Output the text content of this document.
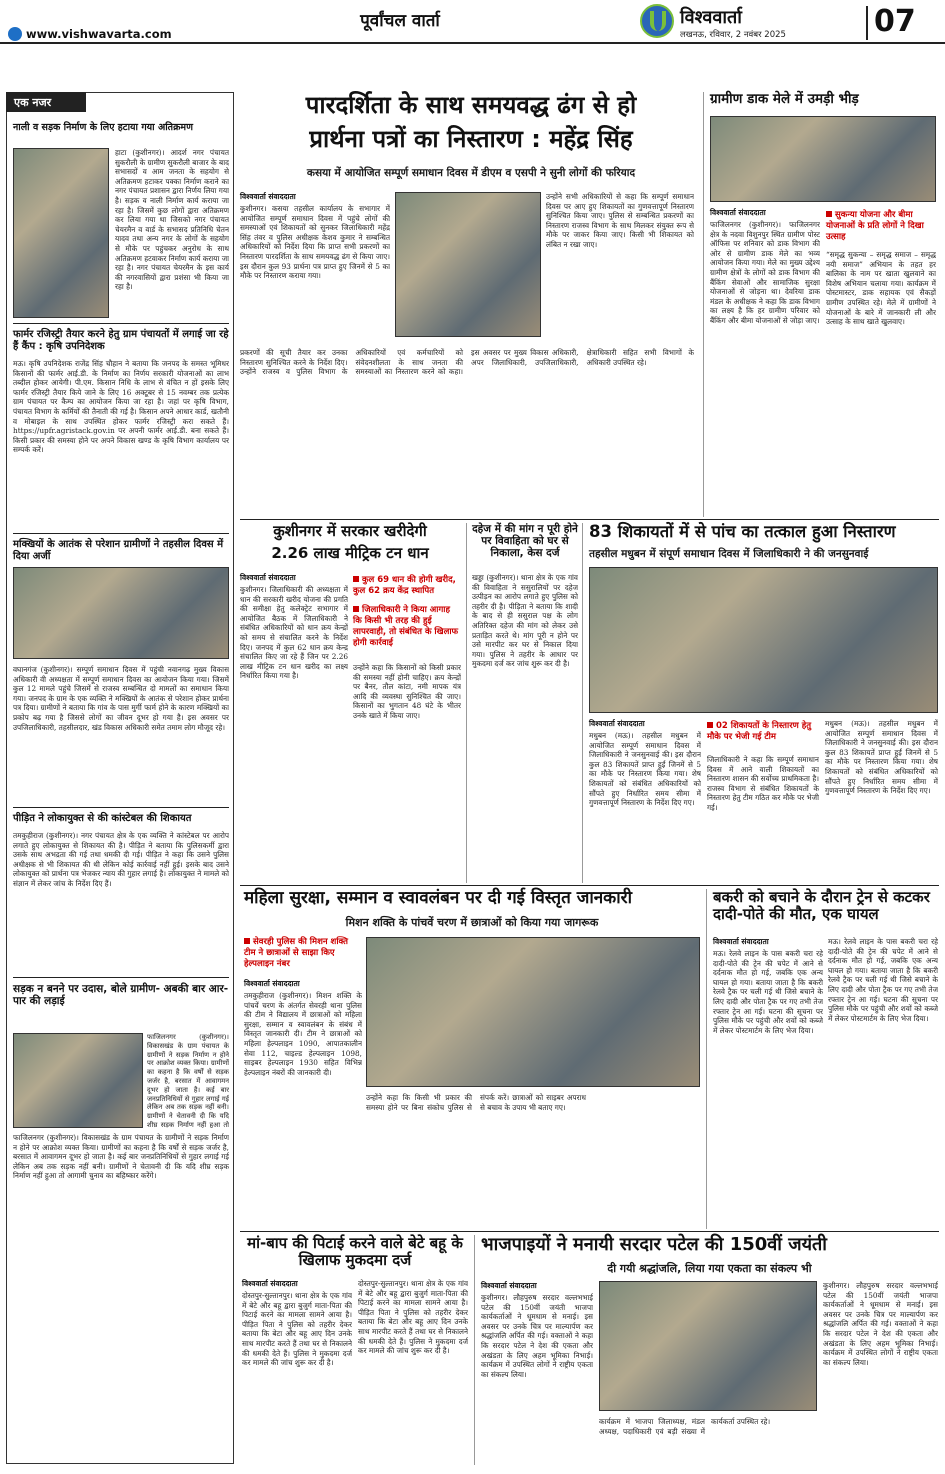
पूर्वांचल वार्ता
www.vishwavarta.com
विश्ववार्ता
लखनऊ, रविवार, 2 नवंबर 2025	07
एक नजर
नाली व सड़क निर्माण के लिए हटाया गया अतिक्रमण
हाटा (कुशीनगर)। आदर्श नगर पंचायत सुकरौली के ग्रामीण सुकरौली बाजार के बाद सभासदों व आम जनता के सहयोग से अतिक्रमण हटाकर पक्का निर्माण कराने का नगर पंचायत प्रशासन द्वारा निर्णय लिया गया है। सड़क व नाली निर्माण कार्य कराया जा रहा है। जिसमें कुछ लोगों द्वारा अतिक्रमण कर लिया गया था जिसको नगर पंचायत चेयरमैन व वार्ड के सभासद प्रतिनिधि चेतन यादव तथा अन्य नगर के लोगों के सहयोग से मौके पर पहुंचकर अनुरोध के साथ अतिक्रमण हटवाकर निर्माण कार्य कराया जा रहा है। नगर पंचायत चेयरमैन के इस कार्य की नगरवासियों द्वारा प्रशंसा भी किया जा रहा है।
फार्मर रजिस्ट्री तैयार करने हेतु ग्राम पंचायतों में लगाई जा रहे हैं कैंप : कृषि उपनिदेशक
मऊ। कृषि उपनिदेशक राजेंद्र सिंह चौहान ने बताया कि जनपद के समस्त भूमिधर किसानों की फार्मर आई.डी. के निर्माण का निर्णय सरकारी योजनाओं का लाभ तब्दील होकर आयेगी। पी.एम. किसान निधि के लाभ से वंचित न हों इसके लिए फार्मर रजिस्ट्री तैयार किये जाने के लिए 16 अक्टूबर से 15 नवम्बर तक प्रत्येक ग्राम पंचायत पर कैम्प का आयोजन किया जा रहा है। जहां पर कृषि विभाग, पंचायत विभाग के कर्मियों की तैनाती की गई है। किसान अपने आधार कार्ड, खतौनी व मोबाइल के साथ उपस्थित होकर फार्मर रजिस्ट्री करा सकते हैं। https://upfr.agristack.gov.in पर अपनी फार्मर आई.डी. बना सकते हैं। किसी प्रकार की समस्या होने पर अपने विकास खण्ड के कृषि विभाग कार्यालय पर सम्पर्क करें।
मक्खियों के आतंक से परेशान ग्रामीणों ने तहसील दिवस में दिया अर्जी
वघानगंज (कुशीनगर)। सम्पूर्ण समाधान दिवस में पहुंची नवानगढ़ मुख्य विकास अधिकारी वी अध्यक्षता में सम्पूर्ण समाधान दिवस का आयोजन किया गया। जिसमें कुल 12 मामले पहुंचे जिसमें से राजस्व सम्बन्धित दो मामलों का समाधान किया गया। जनपद के ग्राम के एक व्यक्ति ने मक्खियों के आतंक से परेशान होकर प्रार्थना पत्र दिया। ग्रामीणों ने बताया कि गांव के पास मुर्गी फार्म होने के कारण मक्खियों का प्रकोप बढ़ गया है जिससे लोगों का जीवन दूभर हो गया है। इस अवसर पर उपजिलाधिकारी, तहसीलदार, खंड विकास अधिकारी समेत तमाम लोग मौजूद रहे।
पीड़ित ने लोकायुक्त से की कांस्टेबल की शिकायत
तमकुहीराज (कुशीनगर)। नगर पंचायत क्षेत्र के एक व्यक्ति ने कांस्टेबल पर आरोप लगाते हुए लोकायुक्त से शिकायत की है। पीड़ित ने बताया कि पुलिसकर्मी द्वारा उसके साथ अभद्रता की गई तथा धमकी दी गई। पीड़ित ने कहा कि उसने पुलिस अधीक्षक से भी शिकायत की थी लेकिन कोई कार्रवाई नहीं हुई। इसके बाद उसने लोकायुक्त को प्रार्थना पत्र भेजकर न्याय की गुहार लगाई है। लोकायुक्त ने मामले को संज्ञान में लेकर जांच के निर्देश दिए हैं।
सड़क न बनने पर उदास, बोले ग्रामीण- अबकी बार आर-पार की लड़ाई
फाजिलनगर (कुशीनगर)। विकासखंड के ग्राम पंचायत के ग्रामीणों ने सड़क निर्माण न होने पर आक्रोश व्यक्त किया। ग्रामीणों का कहना है कि वर्षों से सड़क जर्जर है, बरसात में आवागमन दूभर हो जाता है। कई बार जनप्रतिनिधियों से गुहार लगाई गई लेकिन अब तक सड़क नहीं बनी। ग्रामीणों ने चेतावनी दी कि यदि शीघ्र सड़क निर्माण नहीं हुआ तो
फाजिलनगर (कुशीनगर)। विकासखंड के ग्राम पंचायत के ग्रामीणों ने सड़क निर्माण न होने पर आक्रोश व्यक्त किया। ग्रामीणों का कहना है कि वर्षों से सड़क जर्जर है, बरसात में आवागमन दूभर हो जाता है। कई बार जनप्रतिनिधियों से गुहार लगाई गई लेकिन अब तक सड़क नहीं बनी। ग्रामीणों ने चेतावनी दी कि यदि शीघ्र सड़क निर्माण नहीं हुआ तो आगामी चुनाव का बहिष्कार करेंगे।
पारदर्शिता के साथ समयवद्ध ढंग से हो
प्रार्थना पत्रों का निस्तारण : महेंद्र सिंह
कसया में आयोजित सम्पूर्ण समाधान दिवस में डीएम व एसपी ने सुनी लोगों की फरियाद
विश्ववार्ता संवाददाता
कुशीनगर। कसया तहसील कार्यालय के सभागार में आयोजित सम्पूर्ण समाधान दिवस में पहुंचे लोगों की समस्याओं एवं शिकायतों को सुनकर जिलाधिकारी महेंद्र सिंह तंवर व पुलिस अधीक्षक केशव कुमार ने सम्बन्धित अधिकारियों को निर्देश दिया कि प्राप्त सभी प्रकरणों का निस्तारण पारदर्शिता के साथ समयवद्ध ढंग से किया जाए। इस दौरान कुल 93 प्रार्थना पत्र प्राप्त हुए जिनमें से 5 का मौके पर निस्तारण कराया गया।
उन्होंने सभी अधिकारियों से कहा कि सम्पूर्ण समाधान दिवस पर आए हुए शिकायतों का गुणवत्तापूर्ण निस्तारण सुनिश्चित किया जाए। पुलिस से सम्बन्धित प्रकरणों का निस्तारण राजस्व विभाग के साथ मिलकर संयुक्त रूप से मौके पर जाकर किया जाए। किसी भी शिकायत को लंबित न रखा जाए।
प्रकरणों की सूची तैयार कर उनका निस्तारण सुनिश्चित करने के निर्देश दिए। उन्होंने राजस्व व पुलिस विभाग के अधिकारियों एवं कर्मचारियों को संवेदनशीलता के साथ जनता की समस्याओं का निस्तारण करने को कहा। इस अवसर पर मुख्य विकास अधिकारी, अपर जिलाधिकारी, उपजिलाधिकारी, क्षेत्राधिकारी सहित सभी विभागों के अधिकारी उपस्थित रहे।
ग्रामीण डाक मेले में उमड़ी भीड़
विश्ववार्ता संवाददाता
फाजिलनगर (कुशीनगर)। फाजिलनगर क्षेत्र के नदवा विशुनपुर स्थित ग्रामीण पोस्ट ऑफिस पर शनिवार को डाक विभाग की ओर से ग्रामीण डाक मेले का भव्य आयोजन किया गया। मेले का मुख्य उद्देश्य ग्रामीण क्षेत्रों के लोगों को डाक विभाग की बैंकिंग सेवाओं और सामाजिक सुरक्षा योजनाओं से जोड़ना था। देवरिया डाक मंडल के अधीक्षक ने कहा कि डाक विभाग का लक्ष्य है कि हर ग्रामीण परिवार को बैंकिंग और बीमा योजनाओं से जोड़ा जाए।
सुकन्या योजना और बीमा योजनाओं के प्रति लोगों ने दिखा उत्साह
“समृद्ध सुकन्या – समृद्ध समाज – समृद्ध नयी समाज” अभियान के तहत हर बालिका के नाम पर खाता खुलवाने का विशेष अभियान चलाया गया। कार्यक्रम में पोस्टमास्टर, डाक सहायक एवं सैकड़ों ग्रामीण उपस्थित रहे। मेले में ग्रामीणों ने योजनाओं के बारे में जानकारी ली और उत्साह के साथ खाते खुलवाए।
कुशीनगर में सरकार खरीदेगी
2.26 लाख मीट्रिक टन धान
विश्ववार्ता संवाददाता
कुशीनगर। जिलाधिकारी की अध्यक्षता में धान की सरकारी खरीद योजना की प्रगति की समीक्षा हेतु कलेक्ट्रेट सभागार में आयोजित बैठक में जिलाधिकारी ने संबंधित अधिकारियों को धान क्रय केन्द्रों को समय से संचालित करने के निर्देश दिए। जनपद में कुल 62 धान क्रय केन्द्र संचालित किए जा रहे हैं जिन पर 2.26 लाख मीट्रिक टन धान खरीद का लक्ष्य निर्धारित किया गया है।
कुल 69 धान की होगी खरीद, कुल 62 क्रय केंद्र स्थापित
जिलाधिकारी ने किया आगाह कि किसी भी तरह की हुई लापरवाही, तो संबंधित के खिलाफ होगी कार्रवाई
उन्होंने कहा कि किसानों को किसी प्रकार की समस्या नहीं होनी चाहिए। क्रय केन्द्रों पर बैनर, तौल कांटा, नमी मापक यंत्र आदि की व्यवस्था सुनिश्चित की जाए। किसानों का भुगतान 48 घंटे के भीतर उनके खाते में किया जाए।
दहेज में की मांग न पूरी होने पर विवाहिता को घर से निकाला, केस दर्ज
खड्डा (कुशीनगर)। थाना क्षेत्र के एक गांव की विवाहिता ने ससुरालियों पर दहेज उत्पीड़न का आरोप लगाते हुए पुलिस को तहरीर दी है। पीड़िता ने बताया कि शादी के बाद से ही ससुराल पक्ष के लोग अतिरिक्त दहेज की मांग को लेकर उसे प्रताड़ित करते थे। मांग पूरी न होने पर उसे मारपीट कर घर से निकाल दिया गया। पुलिस ने तहरीर के आधार पर मुकदमा दर्ज कर जांच शुरू कर दी है।
83 शिकायतों में से पांच का तत्काल हुआ निस्तारण
तहसील मधुबन में संपूर्ण समाधान दिवस में जिलाधिकारी ने की जनसुनवाई
विश्ववार्ता संवाददाता
मधुबन (मऊ)। तहसील मधुबन में आयोजित सम्पूर्ण समाधान दिवस में जिलाधिकारी ने जनसुनवाई की। इस दौरान कुल 83 शिकायतें प्राप्त हुईं जिनमें से 5 का मौके पर निस्तारण किया गया। शेष शिकायतों को संबंधित अधिकारियों को सौंपते हुए निर्धारित समय सीमा में गुणवत्तापूर्ण निस्तारण के निर्देश दिए गए।
02 शिकायतों के निस्तारण हेतु मौके पर भेजी गई टीम
जिलाधिकारी ने कहा कि सम्पूर्ण समाधान दिवस में आने वाली शिकायतों का निस्तारण शासन की सर्वोच्च प्राथमिकता है। राजस्व विभाग से संबंधित शिकायतों के निस्तारण हेतु टीम गठित कर मौके पर भेजी गई।
मधुबन (मऊ)। तहसील मधुबन में आयोजित सम्पूर्ण समाधान दिवस में जिलाधिकारी ने जनसुनवाई की। इस दौरान कुल 83 शिकायतें प्राप्त हुईं जिनमें से 5 का मौके पर निस्तारण किया गया। शेष शिकायतों को संबंधित अधिकारियों को सौंपते हुए निर्धारित समय सीमा में गुणवत्तापूर्ण निस्तारण के निर्देश दिए गए।
महिला सुरक्षा, सम्मान व स्वावलंबन पर दी गई विस्तृत जानकारी
मिशन शक्ति के पांचवें चरण में छात्राओं को किया गया जागरूक
सेवरही पुलिस की मिशन शक्ति टीम ने छात्राओं से साझा किए हेल्पलाइन नंबर
विश्ववार्ता संवाददाता
तमकुहीराज (कुशीनगर)। मिशन शक्ति के पांचवें चरण के अंतर्गत सेवरही थाना पुलिस की टीम ने विद्यालय में छात्राओं को महिला सुरक्षा, सम्मान व स्वावलंबन के संबंध में विस्तृत जानकारी दी। टीम ने छात्राओं को महिला हेल्पलाइन 1090, आपातकालीन सेवा 112, चाइल्ड हेल्पलाइन 1098, साइबर हेल्पलाइन 1930 सहित विभिन्न हेल्पलाइन नंबरों की जानकारी दी।
उन्होंने कहा कि किसी भी प्रकार की समस्या होने पर बिना संकोच पुलिस से संपर्क करें। छात्राओं को साइबर अपराध से बचाव के उपाय भी बताए गए।
बकरी को बचाने के दौरान ट्रेन से कटकर दादी-पोते की मौत, एक घायल
विश्ववार्ता संवाददाता
मऊ। रेलवे लाइन के पास बकरी चरा रहे दादी-पोते की ट्रेन की चपेट में आने से दर्दनाक मौत हो गई, जबकि एक अन्य घायल हो गया। बताया जाता है कि बकरी रेलवे ट्रैक पर चली गई थी जिसे बचाने के लिए दादी और पोता ट्रैक पर गए तभी तेज रफ्तार ट्रेन आ गई। घटना की सूचना पर पुलिस मौके पर पहुंची और शवों को कब्जे में लेकर पोस्टमार्टम के लिए भेज दिया।
मऊ। रेलवे लाइन के पास बकरी चरा रहे दादी-पोते की ट्रेन की चपेट में आने से दर्दनाक मौत हो गई, जबकि एक अन्य घायल हो गया। बताया जाता है कि बकरी रेलवे ट्रैक पर चली गई थी जिसे बचाने के लिए दादी और पोता ट्रैक पर गए तभी तेज रफ्तार ट्रेन आ गई। घटना की सूचना पर पुलिस मौके पर पहुंची और शवों को कब्जे में लेकर पोस्टमार्टम के लिए भेज दिया।
मां-बाप की पिटाई करने वाले बेटे बहू के खिलाफ मुकदमा दर्ज
विश्ववार्ता संवाददाता
दोस्तपुर-सुल्तानपुर। थाना क्षेत्र के एक गांव में बेटे और बहू द्वारा बुजुर्ग माता-पिता की पिटाई करने का मामला सामने आया है। पीड़ित पिता ने पुलिस को तहरीर देकर बताया कि बेटा और बहू आए दिन उनके साथ मारपीट करते हैं तथा घर से निकालने की धमकी देते हैं। पुलिस ने मुकदमा दर्ज कर मामले की जांच शुरू कर दी है।
दोस्तपुर-सुल्तानपुर। थाना क्षेत्र के एक गांव में बेटे और बहू द्वारा बुजुर्ग माता-पिता की पिटाई करने का मामला सामने आया है। पीड़ित पिता ने पुलिस को तहरीर देकर बताया कि बेटा और बहू आए दिन उनके साथ मारपीट करते हैं तथा घर से निकालने की धमकी देते हैं। पुलिस ने मुकदमा दर्ज कर मामले की जांच शुरू कर दी है।
भाजपाइयों ने मनायी सरदार पटेल की 150वीं जयंती
दी गयी श्रद्धांजलि, लिया गया एकता का संकल्प भी
विश्ववार्ता संवाददाता
कुशीनगर। लौहपुरुष सरदार वल्लभभाई पटेल की 150वीं जयंती भाजपा कार्यकर्ताओं ने धूमधाम से मनाई। इस अवसर पर उनके चित्र पर माल्यार्पण कर श्रद्धांजलि अर्पित की गई। वक्ताओं ने कहा कि सरदार पटेल ने देश की एकता और अखंडता के लिए अहम भूमिका निभाई। कार्यक्रम में उपस्थित लोगों ने राष्ट्रीय एकता का संकल्प लिया।
कार्यक्रम में भाजपा जिलाध्यक्ष, मंडल अध्यक्ष, पदाधिकारी एवं बड़ी संख्या में कार्यकर्ता उपस्थित रहे।
कुशीनगर। लौहपुरुष सरदार वल्लभभाई पटेल की 150वीं जयंती भाजपा कार्यकर्ताओं ने धूमधाम से मनाई। इस अवसर पर उनके चित्र पर माल्यार्पण कर श्रद्धांजलि अर्पित की गई। वक्ताओं ने कहा कि सरदार पटेल ने देश की एकता और अखंडता के लिए अहम भूमिका निभाई। कार्यक्रम में उपस्थित लोगों ने राष्ट्रीय एकता का संकल्प लिया।
